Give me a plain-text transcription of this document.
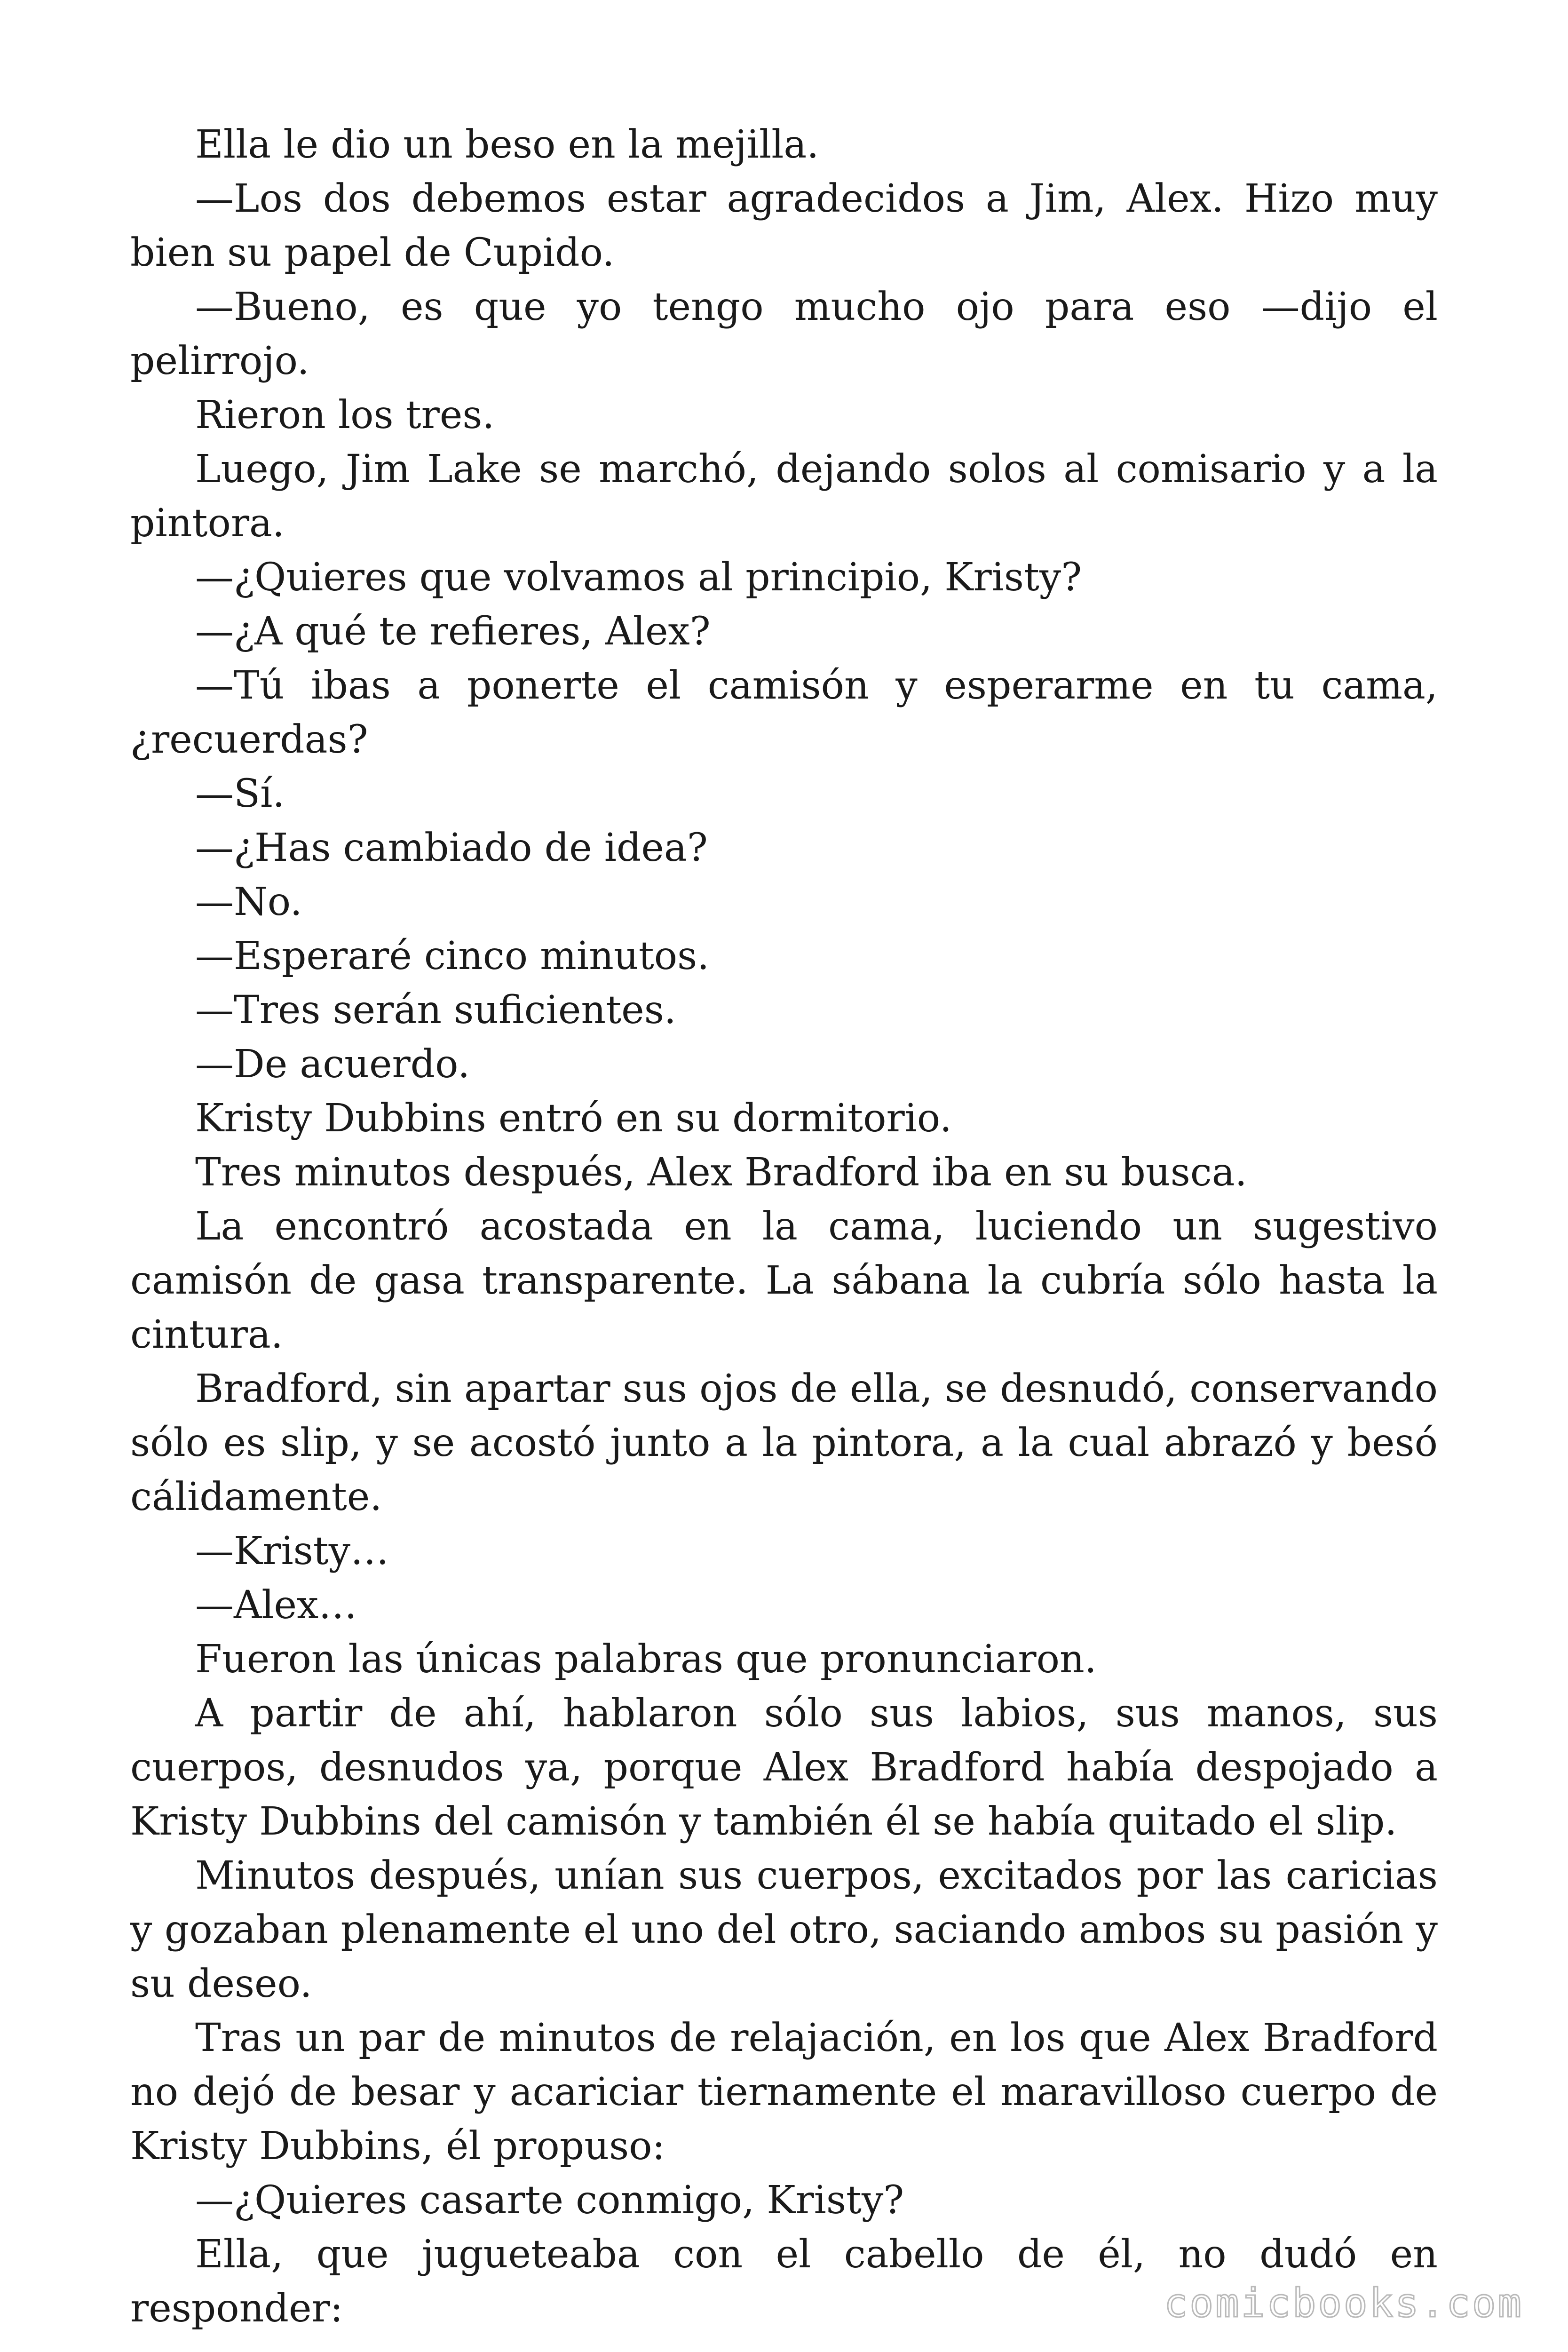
Ella le dio un beso en la mejilla.

—Los dos debemos estar agradecidos a Jim, Alex. Hizo muy bien su papel de Cupido.

—Bueno, es que yo tengo mucho ojo para eso —dijo el pelirrojo.

Rieron los tres.

Luego, Jim Lake se marchó, dejando solos al comisario y a la pintora.

—¿Quieres que volvamos al principio, Kristy?

—¿A qué te refieres, Alex?

—Tú ibas a ponerte el camisón y esperarme en tu cama, ¿recuerdas?

—Sí.

—¿Has cambiado de idea?

—No.

—Esperaré cinco minutos.

—Tres serán suficientes.

—De acuerdo.

Kristy Dubbins entró en su dormitorio.

Tres minutos después, Alex Bradford iba en su busca.

La encontró acostada en la cama, luciendo un sugestivo camisón de gasa transparente. La sábana la cubría sólo hasta la cintura.

Bradford, sin apartar sus ojos de ella, se desnudó, conservando sólo es slip, y se acostó junto a la pintora, a la cual abrazó y besó cálidamente.

—Kristy…

—Alex…

Fueron las únicas palabras que pronunciaron.

A partir de ahí, hablaron sólo sus labios, sus manos, sus cuerpos, desnudos ya, porque Alex Bradford había despojado a Kristy Dubbins del camisón y también él se había quitado el slip.

Minutos después, unían sus cuerpos, excitados por las caricias y gozaban plenamente el uno del otro, saciando ambos su pasión y su deseo.

Tras un par de minutos de relajación, en los que Alex Bradford no dejó de besar y acariciar tiernamente el maravilloso cuerpo de Kristy Dubbins, él propuso:

—¿Quieres casarte conmigo, Kristy?

Ella, que jugueteaba con el cabello de él, no dudó en responder:	comicbooks.com
